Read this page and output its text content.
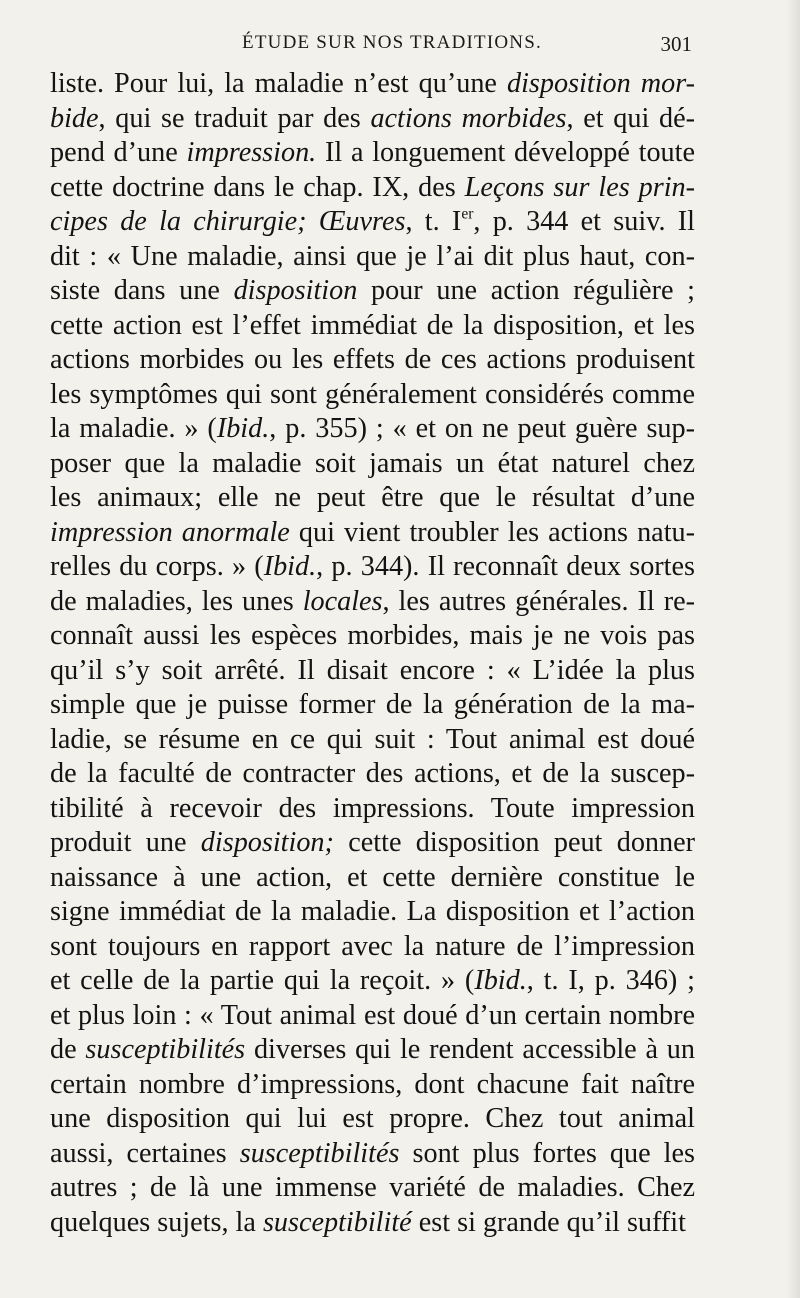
ÉTUDE SUR NOS TRADITIONS.	301
liste. Pour lui, la maladie n’est qu’une disposition mor-
bide, qui se traduit par des actions morbides, et qui dé-
pend d’une impression. Il a longuement développé toute
cette doctrine dans le chap. IX, des Leçons sur les prin-
cipes de la chirurgie; Œuvres, t. Ier, p. 344 et suiv. Il
dit : « Une maladie, ainsi que je l’ai dit plus haut, con-
siste dans une disposition pour une action régulière ;
cette action est l’effet immédiat de la disposition, et les
actions morbides ou les effets de ces actions produisent
les symptômes qui sont généralement considérés comme
la maladie. » (Ibid., p. 355) ; « et on ne peut guère sup-
poser que la maladie soit jamais un état naturel chez
les animaux; elle ne peut être que le résultat d’une
impression anormale qui vient troubler les actions natu-
relles du corps. » (Ibid., p. 344). Il reconnaît deux sortes
de maladies, les unes locales, les autres générales. Il re-
connaît aussi les espèces morbides, mais je ne vois pas
qu’il s’y soit arrêté. Il disait encore : « L’idée la plus
simple que je puisse former de la génération de la ma-
ladie, se résume en ce qui suit : Tout animal est doué
de la faculté de contracter des actions, et de la suscep-
tibilité à recevoir des impressions. Toute impression
produit une disposition; cette disposition peut donner
naissance à une action, et cette dernière constitue le
signe immédiat de la maladie. La disposition et l’action
sont toujours en rapport avec la nature de l’impression
et celle de la partie qui la reçoit. » (Ibid., t. I, p. 346) ;
et plus loin : « Tout animal est doué d’un certain nombre
de susceptibilités diverses qui le rendent accessible à un
certain nombre d’impressions, dont chacune fait naître
une disposition qui lui est propre. Chez tout animal
aussi, certaines susceptibilités sont plus fortes que les
autres ; de là une immense variété de maladies. Chez
quelques sujets, la susceptibilité est si grande qu’il suffit
